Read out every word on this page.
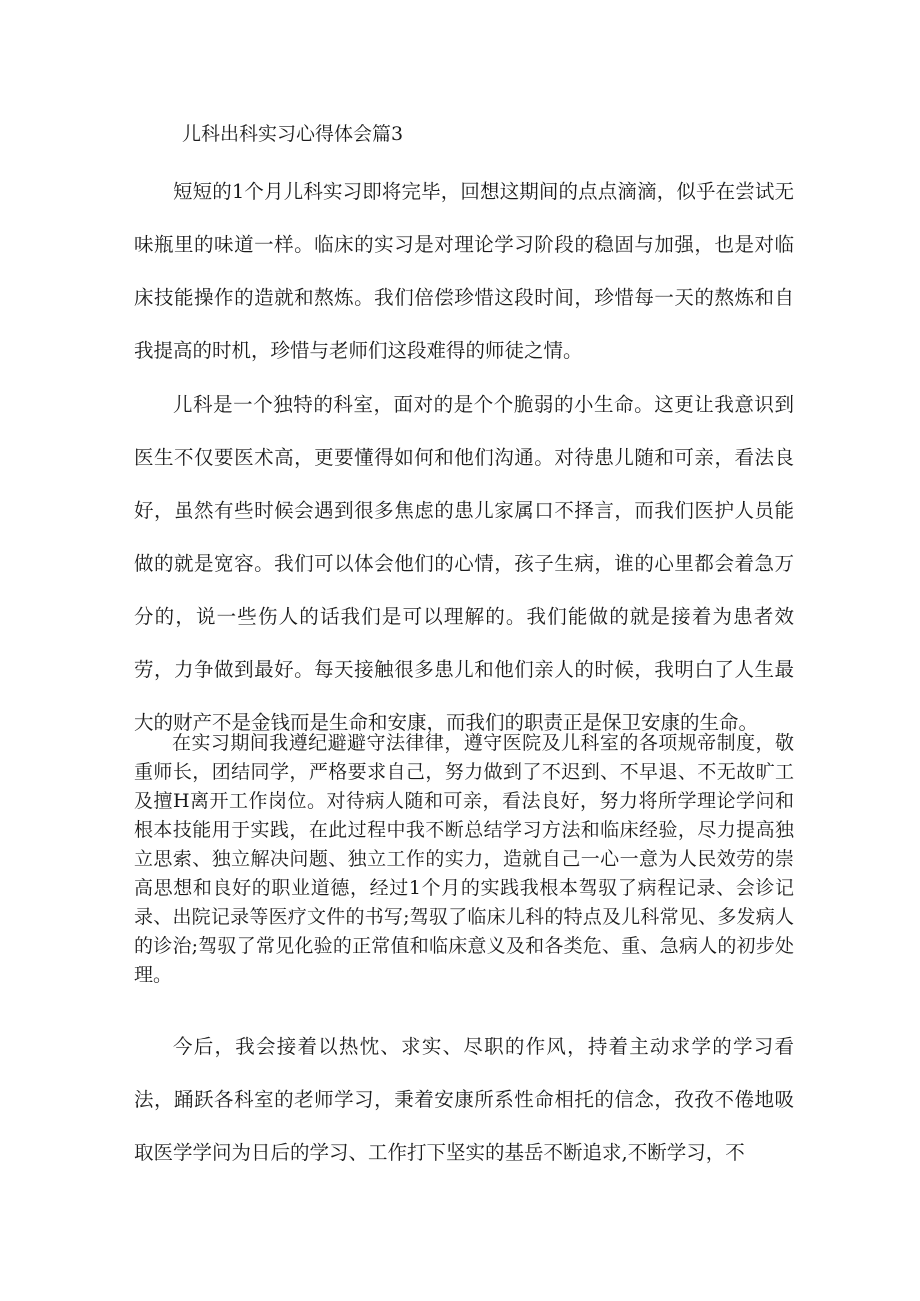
儿科出科实习心得体会篇3

短短的1个月儿科实习即将完毕，回想这期间的点点滴滴，似乎在尝试无味瓶里的味道一样。临床的实习是对理论学习阶段的稳固与加强，也是对临床技能操作的造就和熬炼。我们倍偿珍惜这段时间，珍惜每一天的熬炼和自我提高的时机，珍惜与老师们这段难得的师徒之情。

儿科是一个独特的科室，面对的是个个脆弱的小生命。这更让我意识到医生不仅要医术高，更要懂得如何和他们沟通。对待患儿随和可亲，看法良好，虽然有些时候会遇到很多焦虑的患儿家属口不择言，而我们医护人员能做的就是宽容。我们可以体会他们的心情，孩子生病，谁的心里都会着急万分的，说一些伤人的话我们是可以理解的。我们能做的就是接着为患者效劳，力争做到最好。每天接触很多患儿和他们亲人的时候，我明白了人生最大的财产不是金钱而是生命和安康，而我们的职责正是保卫安康的生命。

在实习期间我遵纪避避守法律律，遵守医院及儿科室的各项规帝制度，敬重师长，团结同学，严格要求自己，努力做到了不迟到、不早退、不无故旷工及擅H离开工作岗位。对待病人随和可亲，看法良好，努力将所学理论学问和根本技能用于实践，在此过程中我不断总结学习方法和临床经验，尽力提高独立思索、独立解决问题、独立工作的实力，造就自己一心一意为人民效劳的崇高思想和良好的职业道德，经过1个月的实践我根本驾驭了病程记录、会诊记录、出院记录等医疗文件的书写;驾驭了临床儿科的特点及儿科常见、多发病人的诊治;驾驭了常见化验的正常值和临床意义及和各类危、重、急病人的初步处理。

今后，我会接着以热忱、求实、尽职的作风，持着主动求学的学习看法，踊跃各科室的老师学习，秉着安康所系性命相托的信念，孜孜不倦地吸取医学学问为日后的学习、工作打下坚实的基岳不断追求,不断学习，不
